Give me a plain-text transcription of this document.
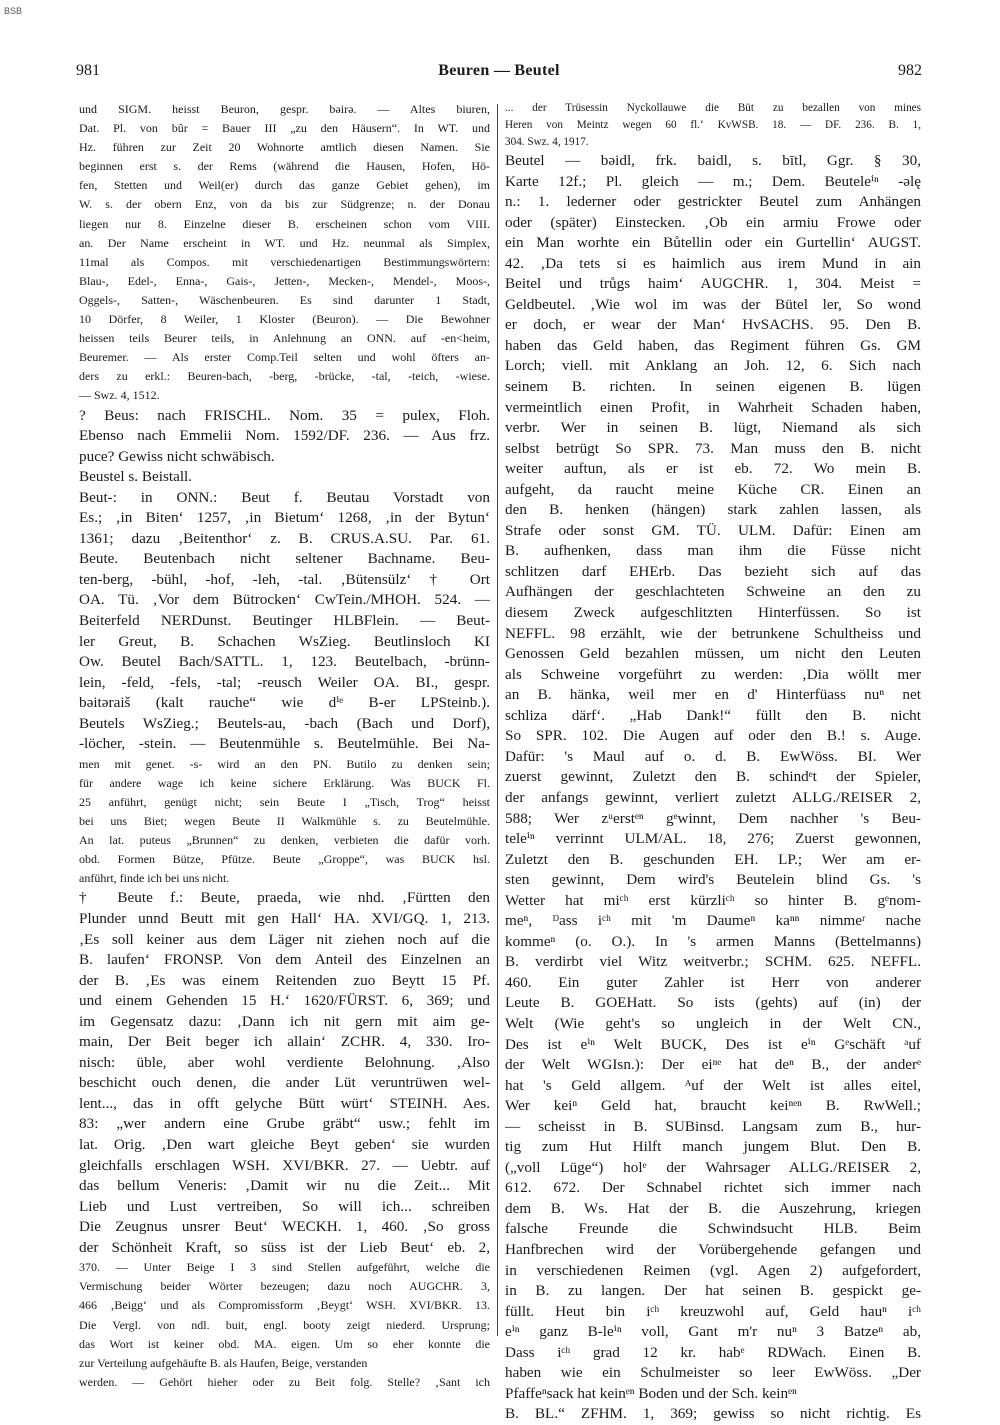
BSB
981	Beuren — Beutel	982
und SIGM. heisst Beuron, gespr. bəirə. — Altes biuren,
Dat. Pl. von bûr = Bauer III „zu den Häusern“. In WT. und
Hz. führen zur Zeit 20 Wohnorte amtlich diesen Namen. Sie
beginnen erst s. der Rems (während die Hausen, Hofen, Hö-
fen, Stetten und Weil(er) durch das ganze Gebiet gehen), im
W. s. der obern Enz, von da bis zur Südgrenze; n. der Donau
liegen nur 8. Einzelne dieser B. erscheinen schon vom VIII.
an. Der Name erscheint in WT. und Hz. neunmal als Simplex,
11mal als Compos. mit verschiedenartigen Bestimmungswörtern:
Blau-, Edel-, Enna-, Gais-, Jetten-, Mecken-, Mendel-, Moos-,
Oggels-, Satten-, Wäschenbeuren. Es sind darunter 1 Stadt,
10 Dörfer, 8 Weiler, 1 Kloster (Beuron). — Die Bewohner
heissen teils Beurer teils, in Anlehnung an ONN. auf -en<heim,
Beuremer. — Als erster Comp.Teil selten und wohl öfters an-
ders zu erkl.: Beuren-bach, -berg, -brücke, -tal, -teich, -wiese.
— Swz. 4, 1512.
? Beus: nach FRISCHL. Nom. 35 = pulex, Floh.
Ebenso nach Emmelii Nom. 1592/DF. 236. — Aus frz.
puce? Gewiss nicht schwäbisch.
Beustel s. Beistall.
Beut-: in ONN.: Beut f. Beutau Vorstadt von
Es.; ‚in Biten‘ 1257, ‚in Bietum‘ 1268, ‚in der Bytun‘
1361; dazu ‚Beitenthor‘ z. B. CRUS.A.SU. Par. 61.
Beute. Beutenbach nicht seltener Bachname. Beu-
ten-berg, -bühl, -hof, -leh, -tal. ‚Bütensülz‘ † Ort
OA. Tü. ‚Vor dem Bütrocken‘ CwTein./MHOH. 524. —
Beiterfeld NERDunst. Beutinger HLBFlein. — Beut-
ler Greut, B. Schachen WsZieg. Beutlinsloch KI
Ow. Beutel Bach/SATTL. 1, 123. Beutelbach, -brünn-
lein, -feld, -fels, -tal; -reusch Weiler OA. BI., gespr.
bəitəraiš (kalt rauche“ wie dⁱᵉ B-er LPSteinb.).
Beutels WsZieg.; Beutels-au, -bach (Bach und Dorf),
-löcher, -stein. — Beutenmühle s. Beutelmühle. Bei Na-
men mit genet. -s- wird an den PN. Butilo zu denken sein;
für andere wage ich keine sichere Erklärung. Was BUCK Fl.
25 anführt, genügt nicht; sein Beute I „Tisch, Trog“ heisst
bei uns Biet; wegen Beute II Walkmühle s. zu Beutelmühle.
An lat. puteus „Brunnen“ zu denken, verbieten die dafür vorh.
obd. Formen Bütze, Pfütze. Beute „Groppe“, was BUCK hsl.
anführt, finde ich bei uns nicht.
† Beute f.: Beute, praeda, wie nhd. ‚Fürtten den
Plunder unnd Beutt mit gen Hall‘ HA. XVI/GQ. 1, 213.
‚Es soll keiner aus dem Läger nit ziehen noch auf die
B. laufen‘ FRONSP. Von dem Anteil des Einzelnen an
der B. ‚Es was einem Reitenden zuo Beytt 15 Pf.
und einem Gehenden 15 H.‘ 1620/FÜRST. 6, 369; und
im Gegensatz dazu: ‚Dann ich nit gern mit aim ge-
main, Der Beit beger ich allain‘ ZCHR. 4, 330. Iro-
nisch: üble, aber wohl verdiente Belohnung. ‚Also
beschicht ouch denen, die ander Lüt veruntrüwen wel-
lent..., das in offt gelyche Bütt würt‘ STEINH. Aes.
83: „wer andern eine Grube gräbt“ usw.; fehlt im
lat. Orig. ‚Den wart gleiche Beyt geben‘ sie wurden
gleichfalls erschlagen WSH. XVI/BKR. 27. — Uebtr. auf
das bellum Veneris: ‚Damit wir nu die Zeit... Mit
Lieb und Lust vertreiben, So will ich... schreiben
Die Zeugnus unsrer Beut‘ WECKH. 1, 460. ‚So gross
der Schönheit Kraft, so süss ist der Lieb Beut‘ eb. 2,
370. — Unter Beige I 3 sind Stellen aufgeführt, welche die
Vermischung beider Wörter bezeugen; dazu noch AUGCHR. 3,
466 ‚Beigg‘ und als Compromissform ‚Beygt‘ WSH. XVI/BKR. 13.
Die Vergl. von ndl. buit, engl. booty zeigt niederd. Ursprung;
das Wort ist keiner obd. MA. eigen. Um so eher konnte die
zur Verteilung aufgehäufte B. als Haufen, Beige, verstanden
werden. — Gehört hieher oder zu Beit folg. Stelle? ‚Sant ich
... der Trüsessin Nyckollauwe die Büt zu bezallen von mines
Heren von Meintz wegen 60 fl.‘ KvWSB. 18. — DF. 236. B. 1,
304. Swz. 4, 1917.
Beutel — bəidl, frk. baidl, s. bītl, Ggr. § 30,
Karte 12f.; Pl. gleich — m.; Dem. Beuteleⁱⁿ -əlę
n.: 1. lederner oder gestrickter Beutel zum Anhängen
oder (später) Einstecken. ‚Ob ein armiu Frowe oder
ein Man worhte ein Bůtellin oder ein Gurtellin‘ AUGST.
42. ‚Da tets si es haimlich aus irem Mund in ain
Beitel und trůgs haim‘ AUGCHR. 1, 304. Meist =
Geldbeutel. ‚Wie wol im was der Bütel ler, So wond
er doch, er wear der Man‘ HvSACHS. 95. Den B.
haben das Geld haben, das Regiment führen Gs. GM
Lorch; viell. mit Anklang an Joh. 12, 6. Sich nach
seinem B. richten. In seinen eigenen B. lügen
vermeintlich einen Profit, in Wahrheit Schaden haben,
verbr. Wer in seinen B. lügt, Niemand als sich
selbst betrügt So SPR. 73. Man muss den B. nicht
weiter auftun, als er ist eb. 72. Wo mein B.
aufgeht, da raucht meine Küche CR. Einen an
den B. henken (hängen) stark zahlen lassen, als
Strafe oder sonst GM. TÜ. ULM. Dafür: Einen am
B. aufhenken, dass man ihm die Füsse nicht
schlitzen darf EHErb. Das bezieht sich auf das
Aufhängen der geschlachteten Schweine an den zu
diesem Zweck aufgeschlitzten Hinterfüssen. So ist
NEFFL. 98 erzählt, wie der betrunkene Schultheiss und
Genossen Geld bezahlen müssen, um nicht den Leuten
als Schweine vorgeführt zu werden: ‚Dia wöllt mer
an B. hänka, weil mer en d' Hinterfüass nuⁿ net
schliza därf‘. „Hab Dank!“ füllt den B. nicht
So SPR. 102. Die Augen auf oder den B.! s. Auge.
Dafür: 's Maul auf o. d. B. EwWöss. BI. Wer
zuerst gewinnt, Zuletzt den B. schindᵉt der Spieler,
der anfangs gewinnt, verliert zuletzt ALLG./REISER 2,
588; Wer zᵘerstᵉⁿ gᵉwinnt, Dem nachher 's Beu-
teleⁱⁿ verrinnt ULM/AL. 18, 276; Zuerst gewonnen,
Zuletzt den B. geschunden EH. LP.; Wer am er-
sten gewinnt, Dem wird's Beutelein blind Gs. 's
Wetter hat miᶜʰ erst kürzliᶜʰ so hinter B. gᵉnom-
meⁿ, ᴰass iᶜʰ mit 'm Daumeⁿ kaⁿⁿ nimmeʳ nache
kommeⁿ (o. O.). In 's armen Manns (Bettelmanns)
B. verdirbt viel Witz weitverbr.; SCHM. 625. NEFFL.
460. Ein guter Zahler ist Herr von anderer
Leute B. GOEHatt. So ists (gehts) auf (in) der
Welt (Wie geht's so ungleich in der Welt CN.,
Des ist eⁱⁿ Welt BUCK, Des ist eⁱⁿ Gᵉschäft ᵃuf
der Welt WGIsn.): Der eiⁿᵉ hat deⁿ B., der anderᵉ
hat 's Geld allgem. ᴬuf der Welt ist alles eitel,
Wer keiⁿ Geld hat, braucht keiⁿᵉⁿ B. RwWell.;
— scheisst in B. SUBinsd. Langsam zum B., hur-
tig zum Hut Hilft manch jungem Blut. Den B.
(„voll Lüge“) holᵉ der Wahrsager ALLG./REISER 2,
612. 672. Der Schnabel richtet sich immer nach
dem B. Ws. Hat der B. die Auszehrung, kriegen
falsche Freunde die Schwindsucht HLB. Beim
Hanfbrechen wird der Vorübergehende gefangen und
in verschiedenen Reimen (vgl. Agen 2) aufgefordert,
in B. zu langen. Der hat seinen B. gespickt ge-
füllt. Heut bin iᶜʰ kreuzwohl auf, Geld hauⁿ iᶜʰ
eⁱⁿ ganz B-leⁱⁿ voll, Gant m'r nuⁿ 3 Batzeⁿ ab,
Dass iᶜʰ grad 12 kr. habᵉ RDWach. Einen B.
haben wie ein Schulmeister so leer EwWöss. „Der
Pfaffeⁿsack hat keinᵉⁿ Boden und der Sch. keinᵉⁿ
B. BL.“ ZFHM. 1, 369; gewiss so nicht richtig. Es
